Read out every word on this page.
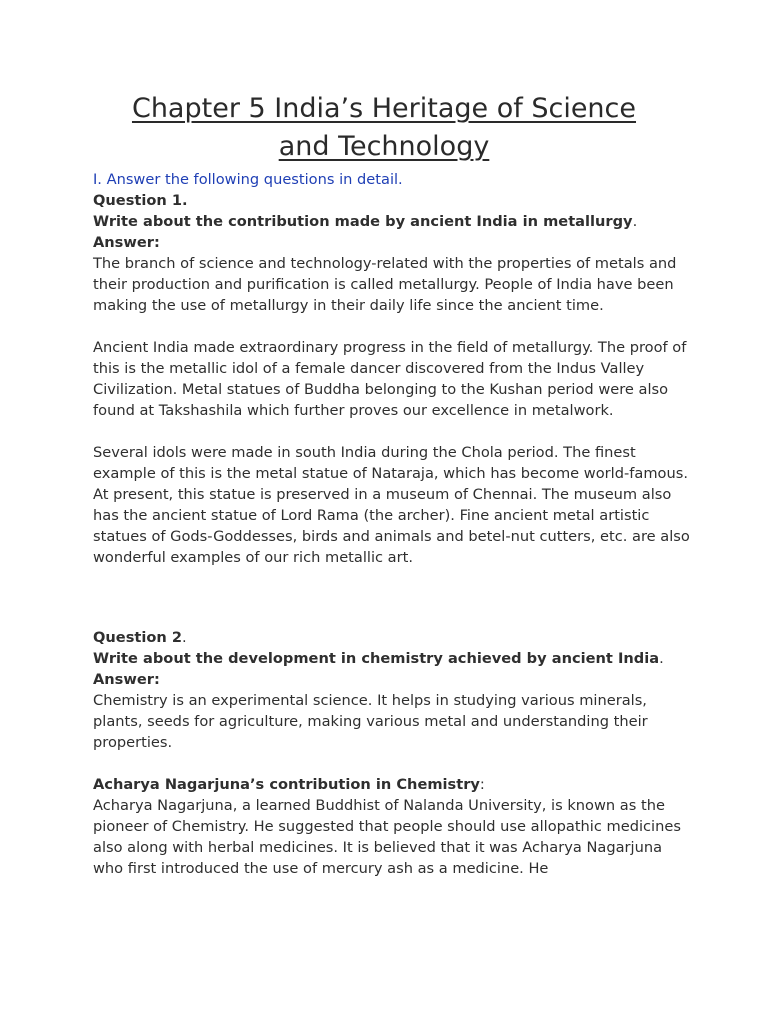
Chapter 5 India’s Heritage of Science
and Technology

I. Answer the following questions in detail.

Question 1.

Write about the contribution made by ancient India in metallurgy.

Answer:

The branch of science and technology-related with the properties of metals and their production and purification is called metallurgy. People of India have been making the use of metallurgy in their daily life since the ancient time.

Ancient India made extraordinary progress in the field of metallurgy. The proof of this is the metallic idol of a female dancer discovered from the Indus Valley Civilization. Metal statues of Buddha belonging to the Kushan period were also found at Takshashila which further proves our excellence in metalwork.

Several idols were made in south India during the Chola period. The finest example of this is the metal statue of Nataraja, which has become world-famous. At present, this statue is preserved in a museum of Chennai. The museum also has the ancient statue of Lord Rama (the archer). Fine ancient metal artistic statues of Gods-Goddesses, birds and animals and betel-nut cutters, etc. are also wonderful examples of our rich metallic art.

Question 2.

Write about the development in chemistry achieved by ancient India.

Answer:

Chemistry is an experimental science. It helps in studying various minerals, plants, seeds for agriculture, making various metal and understanding their properties.

Acharya Nagarjuna’s contribution in Chemistry:

Acharya Nagarjuna, a learned Buddhist of Nalanda University, is known as the pioneer of Chemistry. He suggested that people should use allopathic medicines also along with herbal medicines. It is believed that it was Acharya Nagarjuna who first introduced the use of mercury ash as a medicine. He
